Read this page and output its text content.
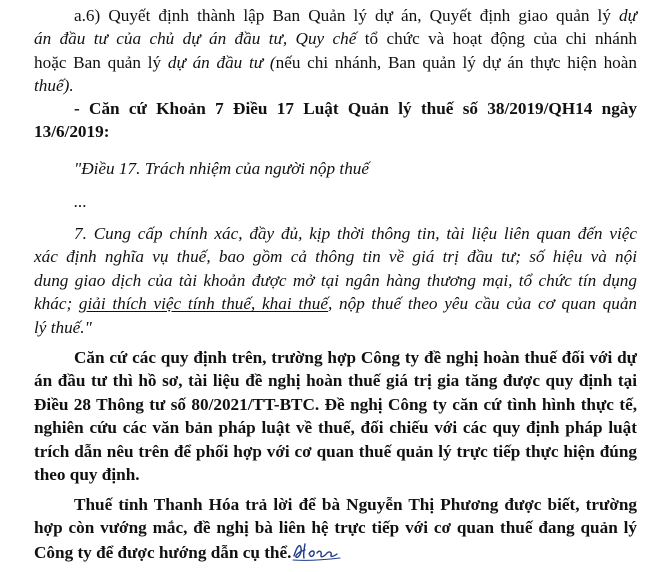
a.6) Quyết định thành lập Ban Quản lý dự án, Quyết định giao quản lý dự
án đầu tư của chủ dự án đầu tư, Quy chế tổ chức và hoạt động của chi nhánh
hoặc Ban quản lý dự án đầu tư (nếu chi nhánh, Ban quản lý dự án thực hiện hoàn
thuế).
- Căn cứ Khoản 7 Điều 17 Luật Quản lý thuế số 38/2019/QH14 ngày
13/6/2019:
"Điều 17. Trách nhiệm của người nộp thuế
...
7. Cung cấp chính xác, đầy đủ, kịp thời thông tin, tài liệu liên quan đến việc
xác định nghĩa vụ thuế, bao gồm cả thông tin về giá trị đầu tư; số hiệu và nội
dung giao dịch của tài khoản được mở tại ngân hàng thương mại, tổ chức tín dụng
khác; giải thích việc tính thuế, khai thuế, nộp thuế theo yêu cầu của cơ quan quản
lý thuế."
Căn cứ các quy định trên, trường hợp Công ty đề nghị hoàn thuế đối với dự
án đầu tư thì hồ sơ, tài liệu đề nghị hoàn thuế giá trị gia tăng được quy định tại
Điều 28 Thông tư số 80/2021/TT-BTC. Đề nghị Công ty căn cứ tình hình thực tế,
nghiên cứu các văn bản pháp luật về thuế, đối chiếu với các quy định pháp luật
trích dẫn nêu trên để phối hợp với cơ quan thuế quản lý trực tiếp thực hiện đúng
theo quy định.
Thuế tỉnh Thanh Hóa trả lời để bà Nguyễn Thị Phương được biết, trường
hợp còn vướng mắc, đề nghị bà liên hệ trực tiếp với cơ quan thuế đang quản lý
Công ty để được hướng dẫn cụ thể.
